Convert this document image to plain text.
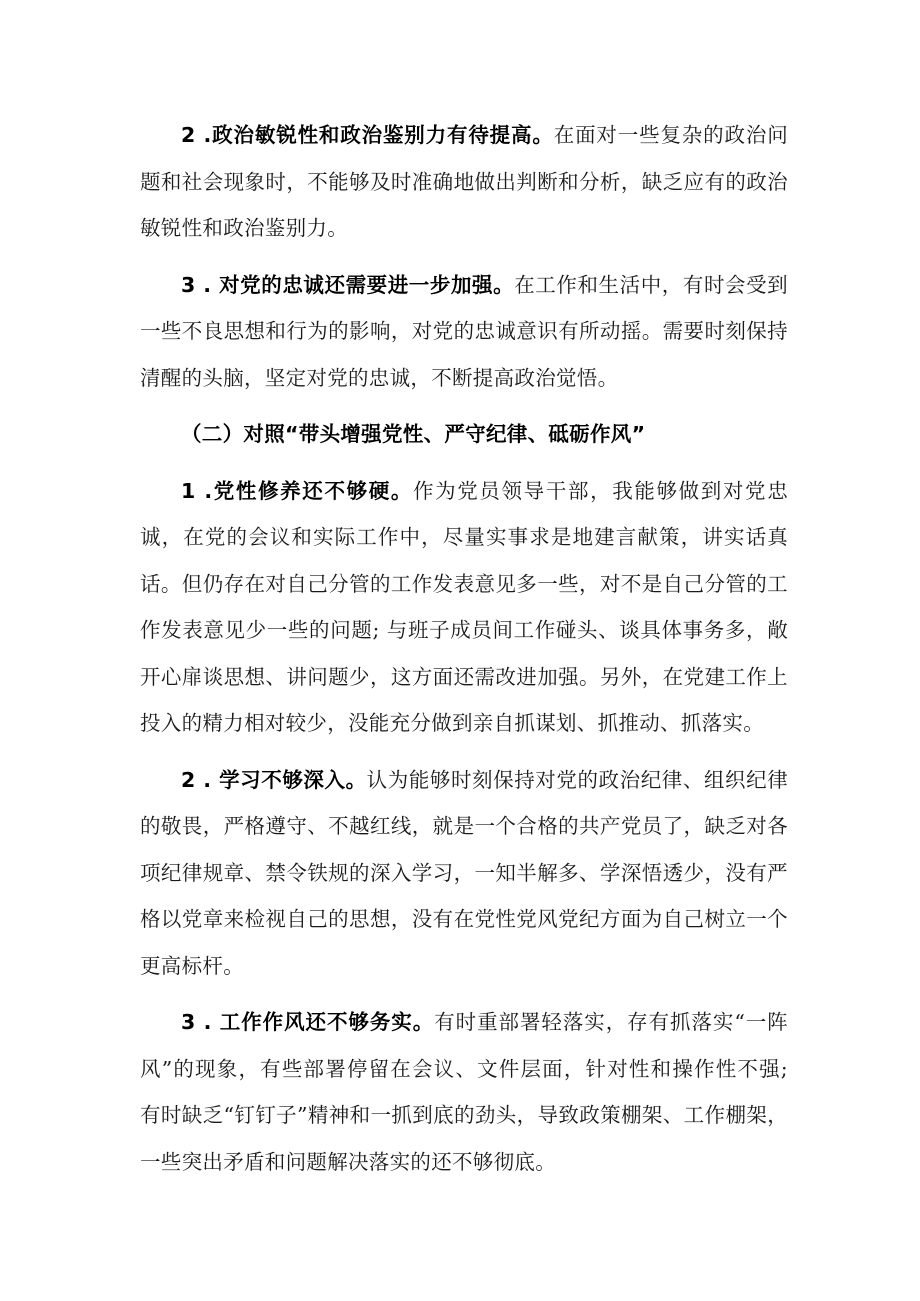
2 .政治敏锐性和政治鉴别力有待提高。在面对一些复杂的政治问题和社会现象时，不能够及时准确地做出判断和分析，缺乏应有的政治敏锐性和政治鉴别力。

3 . 对党的忠诚还需要进一步加强。在工作和生活中，有时会受到一些不良思想和行为的影响，对党的忠诚意识有所动摇。需要时刻保持清醒的头脑，坚定对党的忠诚，不断提高政治觉悟。

（二）对照“带头增强党性、严守纪律、砥砺作风”

1 .党性修养还不够硬。作为党员领导干部，我能够做到对党忠诚，在党的会议和实际工作中，尽量实事求是地建言献策，讲实话真话。但仍存在对自己分管的工作发表意见多一些，对不是自己分管的工作发表意见少一些的问题; 与班子成员间工作碰头、谈具体事务多，敞开心扉谈思想、讲问题少，这方面还需改进加强。另外，在党建工作上投入的精力相对较少，没能充分做到亲自抓谋划、抓推动、抓落实。

2 . 学习不够深入。认为能够时刻保持对党的政治纪律、组织纪律的敬畏，严格遵守、不越红线，就是一个合格的共产党员了，缺乏对各项纪律规章、禁令铁规的深入学习，一知半解多、学深悟透少，没有严格以党章来检视自己的思想，没有在党性党风党纪方面为自己树立一个更高标杆。

3 . 工作作风还不够务实。有时重部署轻落实，存有抓落实“一阵风”的现象，有些部署停留在会议、文件层面，针对性和操作性不强; 有时缺乏“钉钉子”精神和一抓到底的劲头，导致政策棚架、工作棚架，一些突出矛盾和问题解决落实的还不够彻底。
